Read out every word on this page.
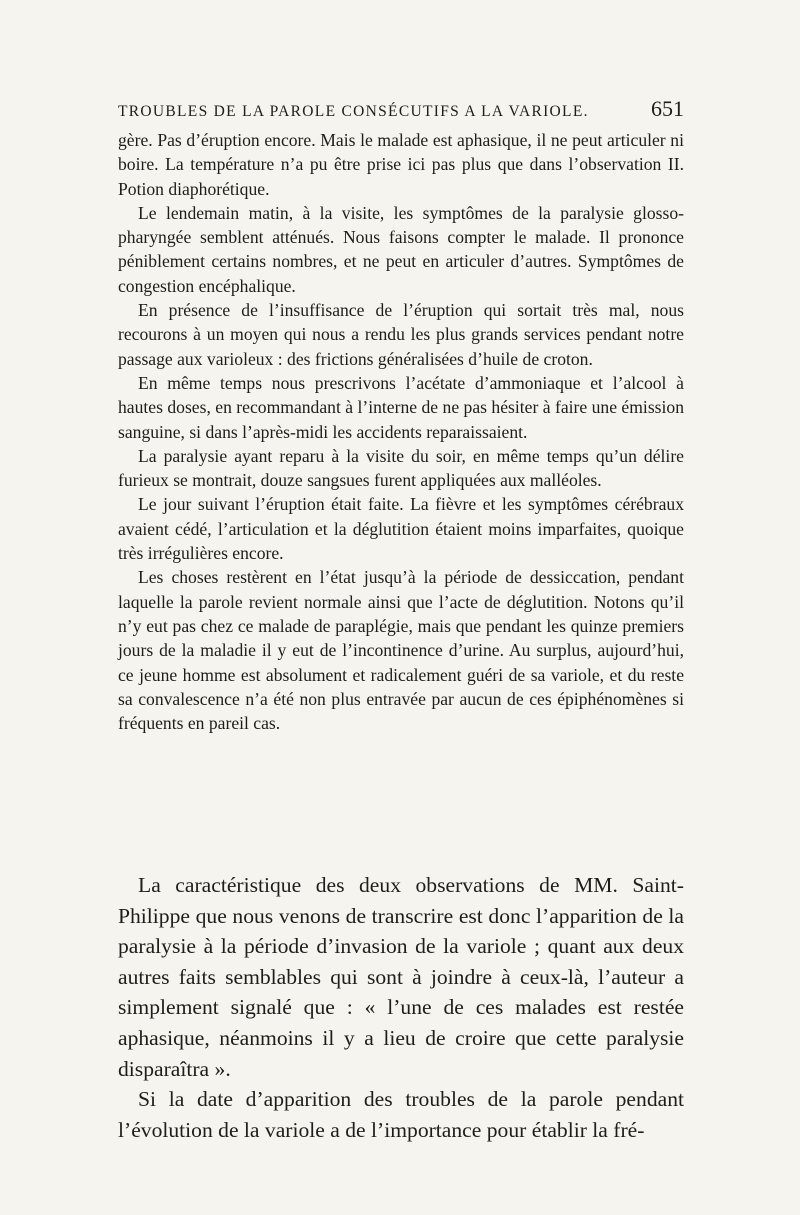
TROUBLES DE LA PAROLE CONSÉCUTIFS A LA VARIOLE.	651

gère. Pas d’éruption encore. Mais le malade est aphasique, il ne peut articuler ni boire. La température n’a pu être prise ici pas plus que dans l’observation II. Potion diaphorétique.

Le lendemain matin, à la visite, les symptômes de la paralysie glosso-pharyngée semblent atténués. Nous faisons compter le malade. Il prononce péniblement certains nombres, et ne peut en articuler d’autres. Symptômes de congestion encéphalique.

En présence de l’insuffisance de l’éruption qui sortait très mal, nous recourons à un moyen qui nous a rendu les plus grands services pendant notre passage aux varioleux : des frictions généralisées d’huile de croton.

En même temps nous prescrivons l’acétate d’ammoniaque et l’alcool à hautes doses, en recommandant à l’interne de ne pas hésiter à faire une émission sanguine, si dans l’après-midi les accidents reparaissaient.

La paralysie ayant reparu à la visite du soir, en même temps qu’un délire furieux se montrait, douze sangsues furent appliquées aux malléoles.

Le jour suivant l’éruption était faite. La fièvre et les symptômes cérébraux avaient cédé, l’articulation et la déglutition étaient moins imparfaites, quoique très irrégulières encore.

Les choses restèrent en l’état jusqu’à la période de dessiccation, pendant laquelle la parole revient normale ainsi que l’acte de déglutition. Notons qu’il n’y eut pas chez ce malade de paraplégie, mais que pendant les quinze premiers jours de la maladie il y eut de l’incontinence d’urine. Au surplus, aujourd’hui, ce jeune homme est absolument et radicalement guéri de sa variole, et du reste sa convalescence n’a été non plus entravée par aucun de ces épiphénomènes si fréquents en pareil cas.

La caractéristique des deux observations de MM. Saint-Philippe que nous venons de transcrire est donc l’apparition de la paralysie à la période d’invasion de la variole ; quant aux deux autres faits semblables qui sont à joindre à ceux-là, l’auteur a simplement signalé que : « l’une de ces malades est restée aphasique, néanmoins il y a lieu de croire que cette paralysie disparaîtra ».

Si la date d’apparition des troubles de la parole pendant l’évolution de la variole a de l’importance pour établir la fré-
